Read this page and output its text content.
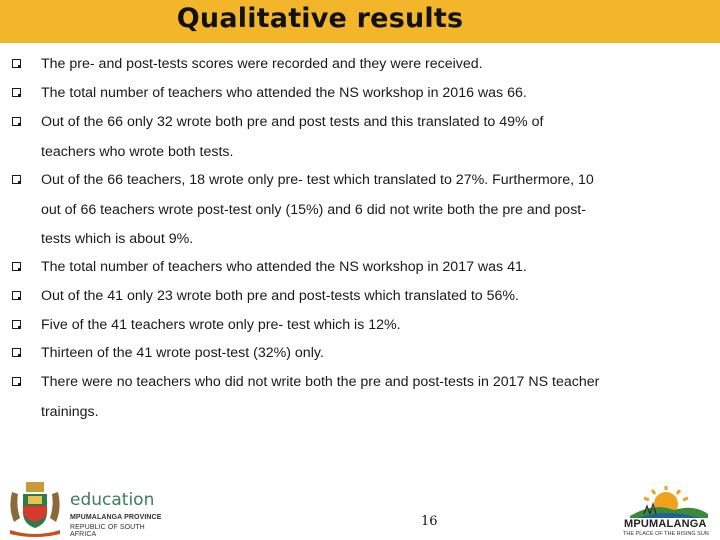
Qualitative results
The pre- and post-tests scores were recorded and they were received.
The total number of teachers who attended the NS workshop in 2016 was 66.
Out of the 66 only 32 wrote both pre and post tests and this translated to 49% of
teachers who wrote both tests.
Out of the 66 teachers, 18 wrote only pre- test which translated to 27%. Furthermore, 10
out of 66 teachers wrote post-test only (15%) and 6 did not write both the pre and post-
tests which is about 9%.
The total number of teachers who attended the NS workshop in 2017 was 41.
Out of the 41 only 23 wrote both pre and post-tests which translated to 56%.
Five of the 41 teachers wrote only pre- test which is 12%.
Thirteen of the 41 wrote post-test (32%) only.
There were no teachers who did not write both the pre and post-tests in 2017 NS teacher
trainings.
education
MPUMALANGA PROVINCE
REPUBLIC OF SOUTH AFRICA
16	MPUMALANGA
THE PLACE OF THE RISING SUN
